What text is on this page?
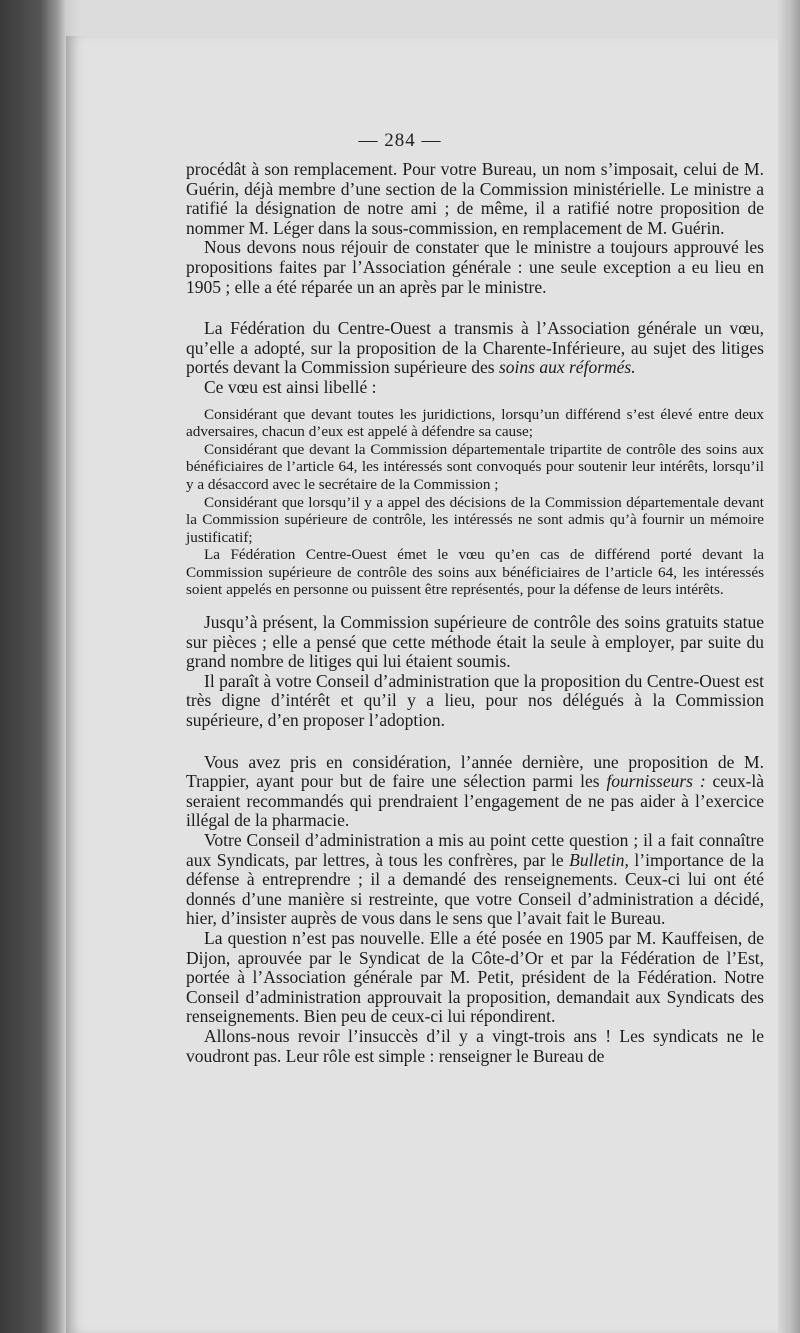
— 284 —

procédât à son remplacement. Pour votre Bureau, un nom s’imposait, celui de M. Guérin, déjà membre d’une section de la Commission ministérielle. Le ministre a ratifié la désignation de notre ami ; de même, il a ratifié notre proposition de nommer M. Léger dans la sous-commission, en remplacement de M. Guérin.

Nous devons nous réjouir de constater que le ministre a toujours approuvé les propositions faites par l’Association générale : une seule exception a eu lieu en 1905 ; elle a été réparée un an après par le ministre.

La Fédération du Centre-Ouest a transmis à l’Association générale un vœu, qu’elle a adopté, sur la proposition de la Charente-Inférieure, au sujet des litiges portés devant la Commission supérieure des soins aux réformés.

Ce vœu est ainsi libellé :

Considérant que devant toutes les juridictions, lorsqu’un différend s’est élevé entre deux adversaires, chacun d’eux est appelé à défendre sa cause;

Considérant que devant la Commission départementale tripartite de contrôle des soins aux bénéficiaires de l’article 64, les intéressés sont convoqués pour soutenir leur intérêts, lorsqu’il y a désaccord avec le secrétaire de la Commission ;

Considérant que lorsqu’il y a appel des décisions de la Commission départementale devant la Commission supérieure de contrôle, les intéressés ne sont admis qu’à fournir un mémoire justificatif;

La Fédération Centre-Ouest émet le vœu qu’en cas de différend porté devant la Commission supérieure de contrôle des soins aux bénéficiaires de l’article 64, les intéressés soient appelés en personne ou puissent être représentés, pour la défense de leurs intérêts.

Jusqu’à présent, la Commission supérieure de contrôle des soins gratuits statue sur pièces ; elle a pensé que cette méthode était la seule à employer, par suite du grand nombre de litiges qui lui étaient soumis.

Il paraît à votre Conseil d’administration que la proposition du Centre-Ouest est très digne d’intérêt et qu’il y a lieu, pour nos délégués à la Commission supérieure, d’en proposer l’adoption.

Vous avez pris en considération, l’année dernière, une proposition de M. Trappier, ayant pour but de faire une sélection parmi les fournisseurs : ceux-là seraient recommandés qui prendraient l’engagement de ne pas aider à l’exercice illégal de la pharmacie.

Votre Conseil d’administration a mis au point cette question ; il a fait connaître aux Syndicats, par lettres, à tous les confrères, par le Bulletin, l’importance de la défense à entreprendre ; il a demandé des renseignements. Ceux-ci lui ont été donnés d’une manière si restreinte, que votre Conseil d’administration a décidé, hier, d’insister auprès de vous dans le sens que l’avait fait le Bureau.

La question n’est pas nouvelle. Elle a été posée en 1905 par M. Kauffeisen, de Dijon, aprouvée par le Syndicat de la Côte-d’Or et par la Fédération de l’Est, portée à l’Association générale par M. Petit, président de la Fédération. Notre Conseil d’administration approuvait la proposition, demandait aux Syndicats des renseignements. Bien peu de ceux-ci lui répondirent.

Allons-nous revoir l’insuccès d’il y a vingt-trois ans ! Les syndicats ne le voudront pas. Leur rôle est simple : renseigner le Bureau de
